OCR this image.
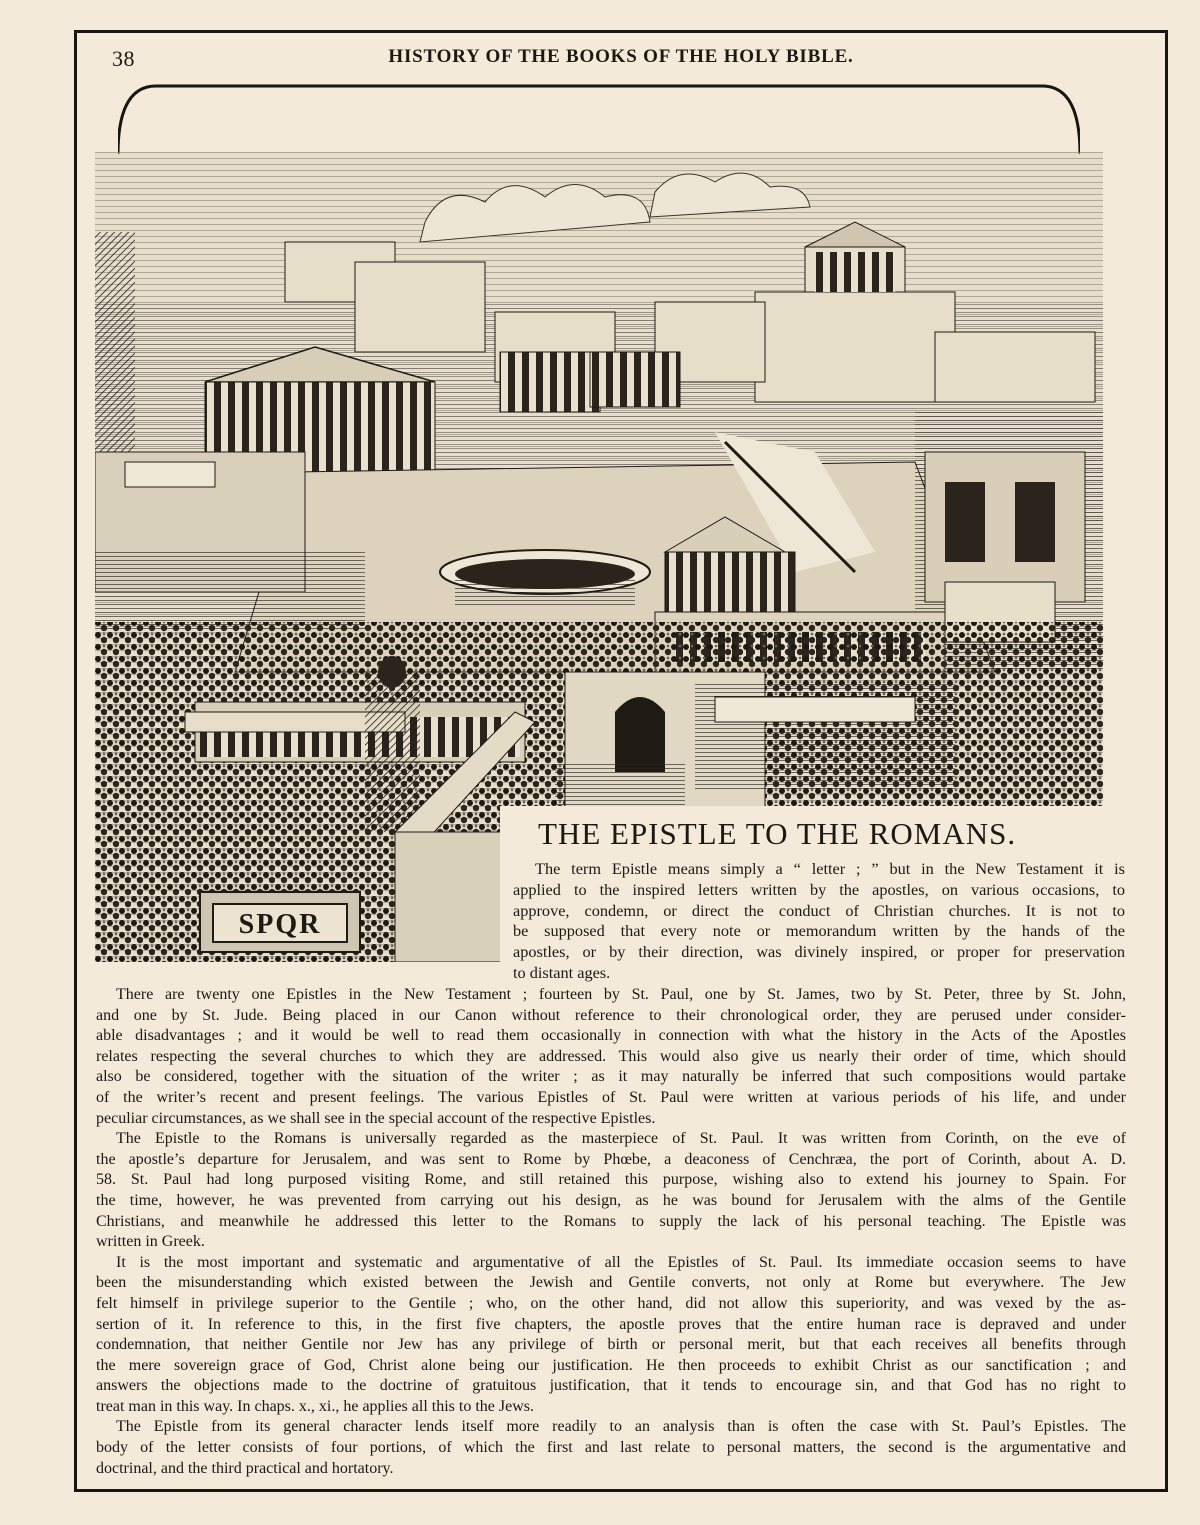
38	HISTORY OF THE BOOKS OF THE HOLY BIBLE.
SPQR
THE EPISTLE TO THE ROMANS.
The term Epistle means simply a “ letter ; ” but in the New Testament it is
applied to the inspired letters written by the apostles, on various occasions, to
approve, condemn, or direct the conduct of Christian churches. It is not to
be supposed that every note or memorandum written by the hands of the
apostles, or by their direction, was divinely inspired, or proper for preservation
to distant ages.
There are twenty one Epistles in the New Testament ; fourteen by St. Paul, one by St. James, two by St. Peter, three by St. John,
and one by St. Jude. Being placed in our Canon without reference to their chronological order, they are perused under consider-
able disadvantages ; and it would be well to read them occasionally in connection with what the history in the Acts of the Apostles
relates respecting the several churches to which they are addressed. This would also give us nearly their order of time, which should
also be considered, together with the situation of the writer ; as it may naturally be inferred that such compositions would partake
of the writer’s recent and present feelings. The various Epistles of St. Paul were written at various periods of his life, and under
peculiar circumstances, as we shall see in the special account of the respective Epistles.
The Epistle to the Romans is universally regarded as the masterpiece of St. Paul. It was written from Corinth, on the eve of
the apostle’s departure for Jerusalem, and was sent to Rome by Phœbe, a deaconess of Cenchræa, the port of Corinth, about A. D.
58. St. Paul had long purposed visiting Rome, and still retained this purpose, wishing also to extend his journey to Spain. For
the time, however, he was prevented from carrying out his design, as he was bound for Jerusalem with the alms of the Gentile
Christians, and meanwhile he addressed this letter to the Romans to supply the lack of his personal teaching. The Epistle was
written in Greek.
It is the most important and systematic and argumentative of all the Epistles of St. Paul. Its immediate occasion seems to have
been the misunderstanding which existed between the Jewish and Gentile converts, not only at Rome but everywhere. The Jew
felt himself in privilege superior to the Gentile ; who, on the other hand, did not allow this superiority, and was vexed by the as-
sertion of it. In reference to this, in the first five chapters, the apostle proves that the entire human race is depraved and under
condemnation, that neither Gentile nor Jew has any privilege of birth or personal merit, but that each receives all benefits through
the mere sovereign grace of God, Christ alone being our justification. He then proceeds to exhibit Christ as our sanctification ; and
answers the objections made to the doctrine of gratuitous justification, that it tends to encourage sin, and that God has no right to
treat man in this way. In chaps. x., xi., he applies all this to the Jews.
The Epistle from its general character lends itself more readily to an analysis than is often the case with St. Paul’s Epistles. The
body of the letter consists of four portions, of which the first and last relate to personal matters, the second is the argumentative and
doctrinal, and the third practical and hortatory.
